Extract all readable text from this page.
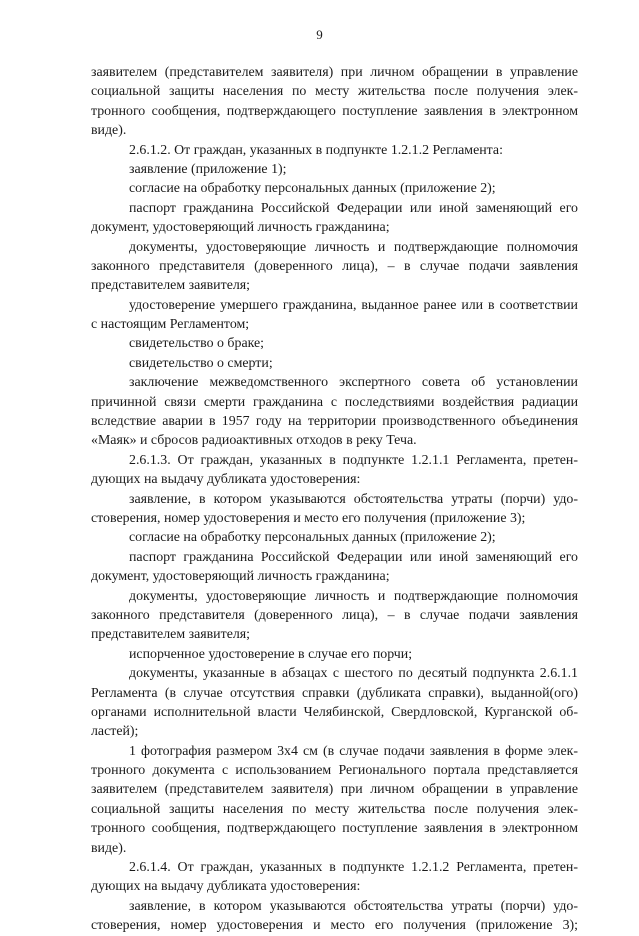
9
заявителем (представителем заявителя) при личном обращении в управление
социальной защиты населения по месту жительства после получения элек-
тронного сообщения, подтверждающего поступление заявления в электронном
виде).
2.6.1.2. От граждан, указанных в подпункте 1.2.1.2 Регламента:
заявление (приложение 1);
согласие на обработку персональных данных (приложение 2);
паспорт гражданина Российской Федерации или иной заменяющий его
документ, удостоверяющий личность гражданина;
документы, удостоверяющие личность и подтверждающие полномочия
законного представителя (доверенного лица), – в случае подачи заявления
представителем заявителя;
удостоверение умершего гражданина, выданное ранее или в соответствии
с настоящим Регламентом;
свидетельство о браке;
свидетельство о смерти;
заключение межведомственного экспертного совета об установлении
причинной связи смерти гражданина с последствиями воздействия радиации
вследствие аварии в 1957 году на территории производственного объединения
«Маяк» и сбросов радиоактивных отходов в реку Теча.
2.6.1.3. От граждан, указанных в подпункте 1.2.1.1 Регламента, претен-
дующих на выдачу дубликата удостоверения:
заявление, в котором указываются обстоятельства утраты (порчи) удо-
стоверения, номер удостоверения и место его получения (приложение 3);
согласие на обработку персональных данных (приложение 2);
паспорт гражданина Российской Федерации или иной заменяющий его
документ, удостоверяющий личность гражданина;
документы, удостоверяющие личность и подтверждающие полномочия
законного представителя (доверенного лица), – в случае подачи заявления
представителем заявителя;
испорченное удостоверение в случае его порчи;
документы, указанные в абзацах с шестого по десятый подпункта 2.6.1.1
Регламента (в случае отсутствия справки (дубликата справки), выданной(ого)
органами исполнительной власти Челябинской, Свердловской, Курганской об-
ластей);
1 фотография размером 3х4 см (в случае подачи заявления в форме элек-
тронного документа с использованием Регионального портала представляется
заявителем (представителем заявителя) при личном обращении в управление
социальной защиты населения по месту жительства после получения элек-
тронного сообщения, подтверждающего поступление заявления в электронном
виде).
2.6.1.4. От граждан, указанных в подпункте 1.2.1.2 Регламента, претен-
дующих на выдачу дубликата удостоверения:
заявление, в котором указываются обстоятельства утраты (порчи) удо-
стоверения, номер удостоверения и место его получения (приложение 3);
